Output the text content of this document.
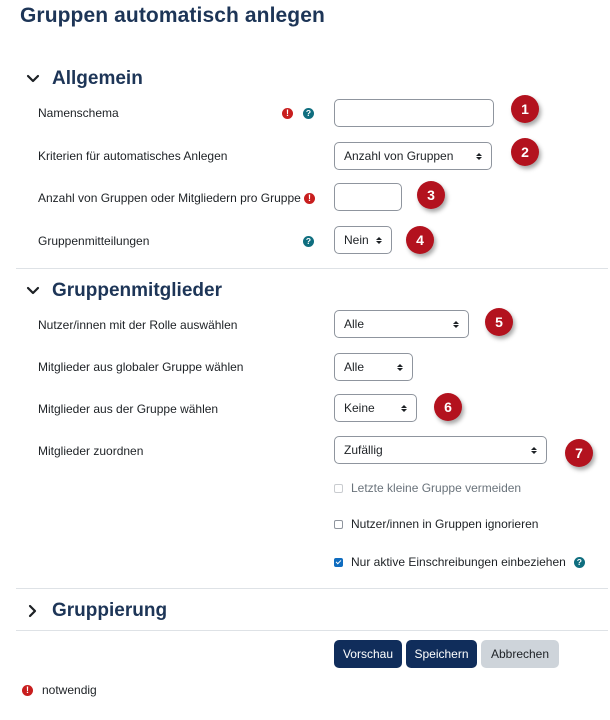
Gruppen automatisch anlegen
Allgemein
Namenschema	!	?	1
Kriterien für automatisches Anlegen	Anzahl von Gruppen	2
Anzahl von Gruppen oder Mitgliedern pro Gruppe !	3
Gruppenmitteilungen	?	Nein	4
Gruppenmitglieder
Nutzer/innen mit der Rolle auswählen	Alle	5
Mitglieder aus globaler Gruppe wählen	Alle
Mitglieder aus der Gruppe wählen	Keine	6
Mitglieder zuordnen	Zufällig	7
Letzte kleine Gruppe vermeiden
Nutzer/innen in Gruppen ignorieren
Nur aktive Einschreibungen einbeziehen	?
Gruppierung
Vorschau	Speichern	Abbrechen
!	notwendig
